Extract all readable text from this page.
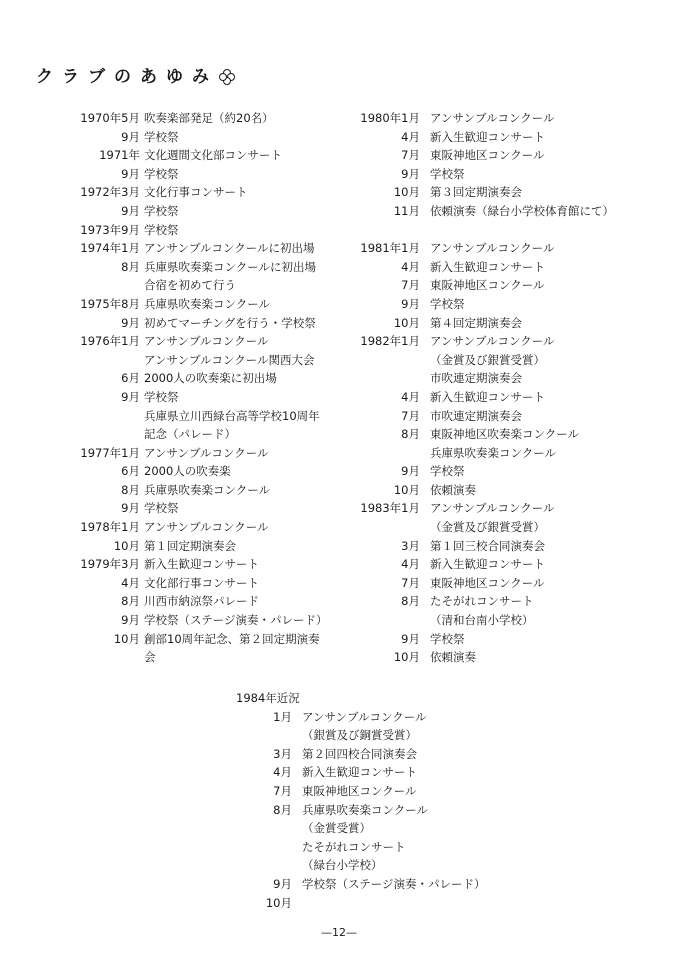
クラブのあゆみ
1970年5月 吹奏楽部発足（約20名）
9月 学校祭
1971年 文化週間文化部コンサート
9月 学校祭
1972年3月 文化行事コンサート
9月 学校祭
1973年9月 学校祭
1974年1月 アンサンブルコンクールに初出場
8月 兵庫県吹奏楽コンクールに初出場
合宿を初めて行う
1975年8月 兵庫県吹奏楽コンクール
9月 初めてマーチングを行う・学校祭
1976年1月 アンサンブルコンクール
アンサンブルコンクール関西大会
6月 2000人の吹奏楽に初出場
9月 学校祭
兵庫県立川西緑台高等学校10周年
記念（パレード）
1977年1月 アンサンブルコンクール
6月 2000人の吹奏楽
8月 兵庫県吹奏楽コンクール
9月 学校祭
1978年1月 アンサンブルコンクール
10月 第１回定期演奏会
1979年3月 新入生歓迎コンサート
4月 文化部行事コンサート
8月 川西市納涼祭パレード
9月 学校祭（ステージ演奏・パレード）
10月 創部10周年記念、第２回定期演奏
会
1980年1月 アンサンブルコンクール
4月 新入生歓迎コンサート
7月 東阪神地区コンクール
9月 学校祭
10月 第３回定期演奏会
11月 依頼演奏（緑台小学校体育館にて）
1981年1月 アンサンブルコンクール
4月 新入生歓迎コンサート
7月 東阪神地区コンクール
9月 学校祭
10月 第４回定期演奏会
1982年1月 アンサンブルコンクール
（金賞及び銀賞受賞）
市吹連定期演奏会
4月 新入生歓迎コンサート
7月 市吹連定期演奏会
8月 東阪神地区吹奏楽コンクール
兵庫県吹奏楽コンクール
9月 学校祭
10月 依頼演奏
1983年1月 アンサンブルコンクール
（金賞及び銀賞受賞）
3月 第１回三校合同演奏会
4月 新入生歓迎コンサート
7月 東阪神地区コンクール
8月 たそがれコンサート
（清和台南小学校）
9月 学校祭
10月 依頼演奏
1984年近況
1月 アンサンブルコンクール
（銀賞及び銅賞受賞）
3月 第２回四校合同演奏会
4月 新入生歓迎コンサート
7月 東阪神地区コンクール
8月 兵庫県吹奏楽コンクール
（金賞受賞）
たそがれコンサート
（緑台小学校）
9月 学校祭（ステージ演奏・パレード）
10月
—12—
